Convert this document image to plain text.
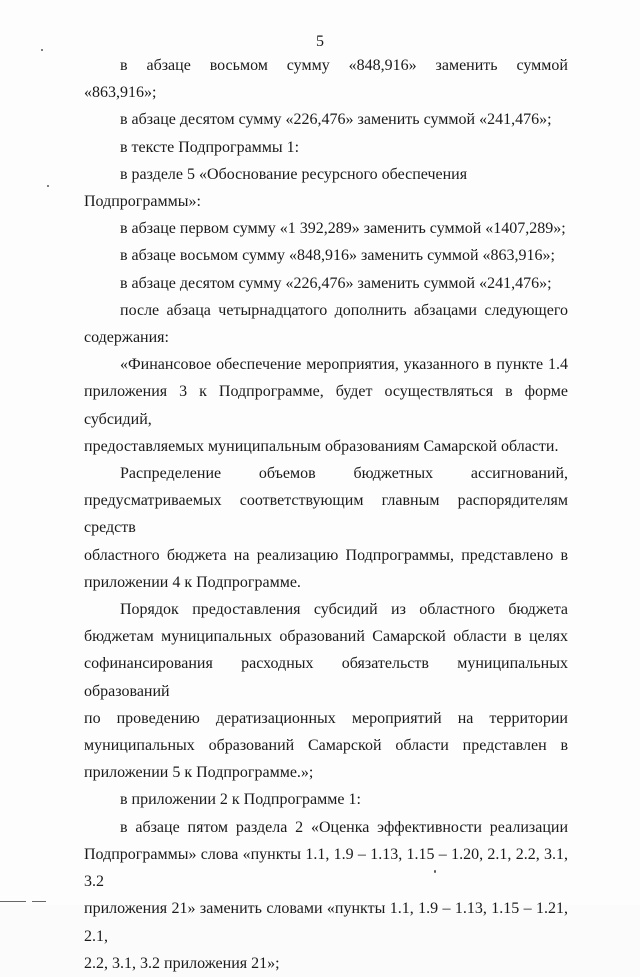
5

в абзаце восьмом сумму «848,916» заменить суммой
«863,916»;

в абзаце десятом сумму «226,476» заменить суммой «241,476»;

в тексте Подпрограммы 1:

в разделе 5 «Обоснование ресурсного обеспечения Подпрограммы»:

в абзаце первом сумму «1 392,289» заменить суммой «1407,289»;

в абзаце восьмом сумму «848,916» заменить суммой «863,916»;

в абзаце десятом сумму «226,476» заменить суммой «241,476»;

после абзаца четырнадцатого дополнить абзацами следующего
содержания:

«Финансовое обеспечение мероприятия, указанного в пункте 1.4
приложения 3 к Подпрограмме, будет осуществляться в форме субсидий,
предоставляемых муниципальным образованиям Самарской области.

Распределение объемов бюджетных ассигнований,
предусматриваемых соответствующим главным распорядителям средств
областного бюджета на реализацию Подпрограммы, представлено в
приложении 4 к Подпрограмме.

Порядок предоставления субсидий из областного бюджета
бюджетам муниципальных образований Самарской области в целях
софинансирования расходных обязательств муниципальных образований
по проведению дератизационных мероприятий на территории
муниципальных образований Самарской области представлен в
приложении 5 к Подпрограмме.»;

в приложении 2 к Подпрограмме 1:

в абзаце пятом раздела 2 «Оценка эффективности реализации
Подпрограммы» слова «пункты 1.1, 1.9 – 1.13, 1.15 – 1.20, 2.1, 2.2, 3.1, 3.2
приложения 21» заменить словами «пункты 1.1, 1.9 – 1.13, 1.15 – 1.21, 2.1,
2.2, 3.1, 3.2 приложения 21»;
